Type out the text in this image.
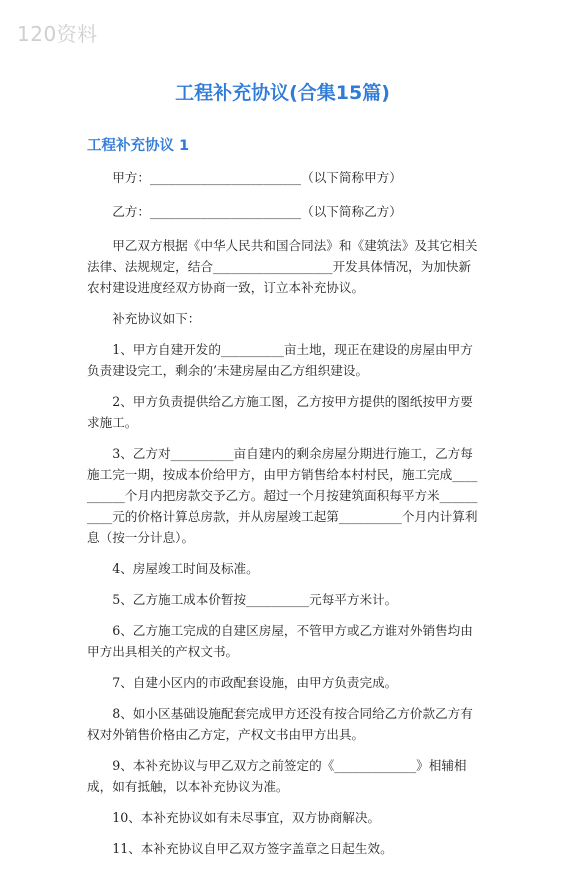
120资料
工程补充协议(合集15篇)
工程补充协议 1

甲方：________________________（以下简称甲方）

乙方：________________________（以下简称乙方）

甲乙双方根据《中华人民共和国合同法》和《建筑法》及其它相关法律、法规规定，结合___________________开发具体情况，为加快新农村建设进度经双方协商一致，订立本补充协议。

补充协议如下：

1、甲方自建开发的__________亩土地，现正在建设的房屋由甲方负责建设完工，剩余的’未建房屋由乙方组织建设。

2、甲方负责提供给乙方施工图，乙方按甲方提供的图纸按甲方要求施工。

3、乙方对__________亩自建内的剩余房屋分期进行施工，乙方每施工完一期，按成本价给甲方，由甲方销售给本村村民，施工完成__________个月内把房款交予乙方。超过一个月按建筑面积每平方米__________元的价格计算总房款，并从房屋竣工起第__________个月内计算利息（按一分计息）。

4、房屋竣工时间及标准。

5、乙方施工成本价暂按__________元每平方米计。

6、乙方施工完成的自建区房屋，不管甲方或乙方谁对外销售均由甲方出具相关的产权文书。

7、自建小区内的市政配套设施，由甲方负责完成。

8、如小区基础设施配套完成甲方还没有按合同给乙方价款乙方有权对外销售价格由乙方定，产权文书由甲方出具。

9、本补充协议与甲乙双方之前签定的《_____________》相辅相成，如有抵触，以本补充协议为准。

10、本补充协议如有未尽事宜，双方协商解决。

11、本补充协议自甲乙双方签字盖章之日起生效。
